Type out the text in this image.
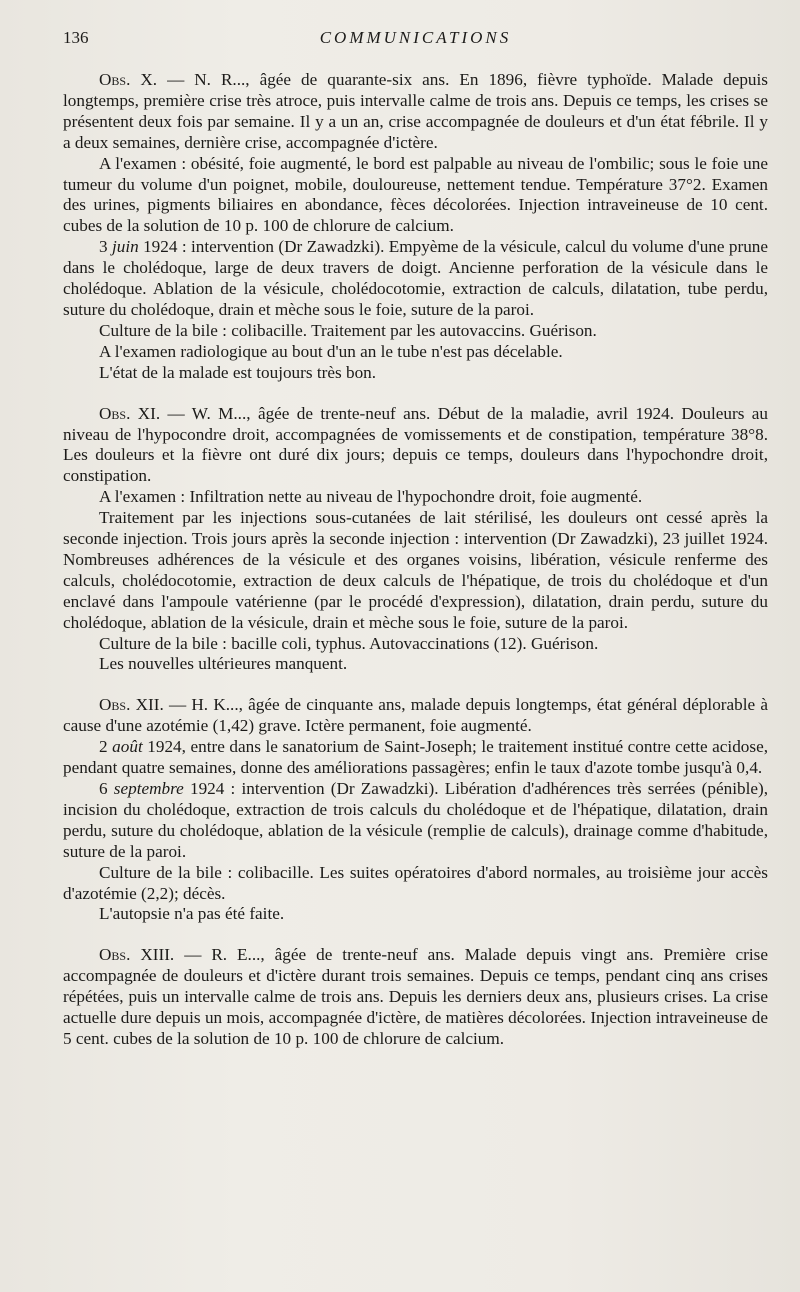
136	COMMUNICATIONS

Obs. X. — N. R..., âgée de quarante-six ans. En 1896, fièvre typhoïde. Malade depuis longtemps, première crise très atroce, puis intervalle calme de trois ans. Depuis ce temps, les crises se présentent deux fois par semaine. Il y a un an, crise accompagnée de douleurs et d'un état fébrile. Il y a deux semaines, dernière crise, accompagnée d'ictère.

A l'examen : obésité, foie augmenté, le bord est palpable au niveau de l'ombilic; sous le foie une tumeur du volume d'un poignet, mobile, douloureuse, nettement tendue. Température 37°2. Examen des urines, pigments biliaires en abondance, fèces décolorées. Injection intraveineuse de 10 cent. cubes de la solution de 10 p. 100 de chlorure de calcium.

3 juin 1924 : intervention (Dr Zawadzki). Empyème de la vésicule, calcul du volume d'une prune dans le cholédoque, large de deux travers de doigt. Ancienne perforation de la vésicule dans le cholédoque. Ablation de la vésicule, cholédocotomie, extraction de calculs, dilatation, tube perdu, suture du cholédoque, drain et mèche sous le foie, suture de la paroi.

Culture de la bile : colibacille. Traitement par les autovaccins. Guérison.

A l'examen radiologique au bout d'un an le tube n'est pas décelable.

L'état de la malade est toujours très bon.

Obs. XI. — W. M..., âgée de trente-neuf ans. Début de la maladie, avril 1924. Douleurs au niveau de l'hypocondre droit, accompagnées de vomissements et de constipation, température 38°8. Les douleurs et la fièvre ont duré dix jours; depuis ce temps, douleurs dans l'hypochondre droit, constipation.

A l'examen : Infiltration nette au niveau de l'hypochondre droit, foie augmenté.

Traitement par les injections sous-cutanées de lait stérilisé, les douleurs ont cessé après la seconde injection. Trois jours après la seconde injection : intervention (Dr Zawadzki), 23 juillet 1924. Nombreuses adhérences de la vésicule et des organes voisins, libération, vésicule renferme des calculs, cholédocotomie, extraction de deux calculs de l'hépatique, de trois du cholédoque et d'un enclavé dans l'ampoule vatérienne (par le procédé d'expression), dilatation, drain perdu, suture du cholédoque, ablation de la vésicule, drain et mèche sous le foie, suture de la paroi.

Culture de la bile : bacille coli, typhus. Autovaccinations (12). Guérison.

Les nouvelles ultérieures manquent.

Obs. XII. — H. K..., âgée de cinquante ans, malade depuis longtemps, état général déplorable à cause d'une azotémie (1,42) grave. Ictère permanent, foie augmenté.

2 août 1924, entre dans le sanatorium de Saint-Joseph; le traitement institué contre cette acidose, pendant quatre semaines, donne des améliorations passagères; enfin le taux d'azote tombe jusqu'à 0,4.

6 septembre 1924 : intervention (Dr Zawadzki). Libération d'adhérences très serrées (pénible), incision du cholédoque, extraction de trois calculs du cholédoque et de l'hépatique, dilatation, drain perdu, suture du cholédoque, ablation de la vésicule (remplie de calculs), drainage comme d'habitude, suture de la paroi.

Culture de la bile : colibacille. Les suites opératoires d'abord normales, au troisième jour accès d'azotémie (2,2); décès.

L'autopsie n'a pas été faite.

Obs. XIII. — R. E..., âgée de trente-neuf ans. Malade depuis vingt ans. Première crise accompagnée de douleurs et d'ictère durant trois semaines. Depuis ce temps, pendant cinq ans crises répétées, puis un intervalle calme de trois ans. Depuis les derniers deux ans, plusieurs crises. La crise actuelle dure depuis un mois, accompagnée d'ictère, de matières décolorées. Injection intraveineuse de 5 cent. cubes de la solution de 10 p. 100 de chlorure de calcium.
